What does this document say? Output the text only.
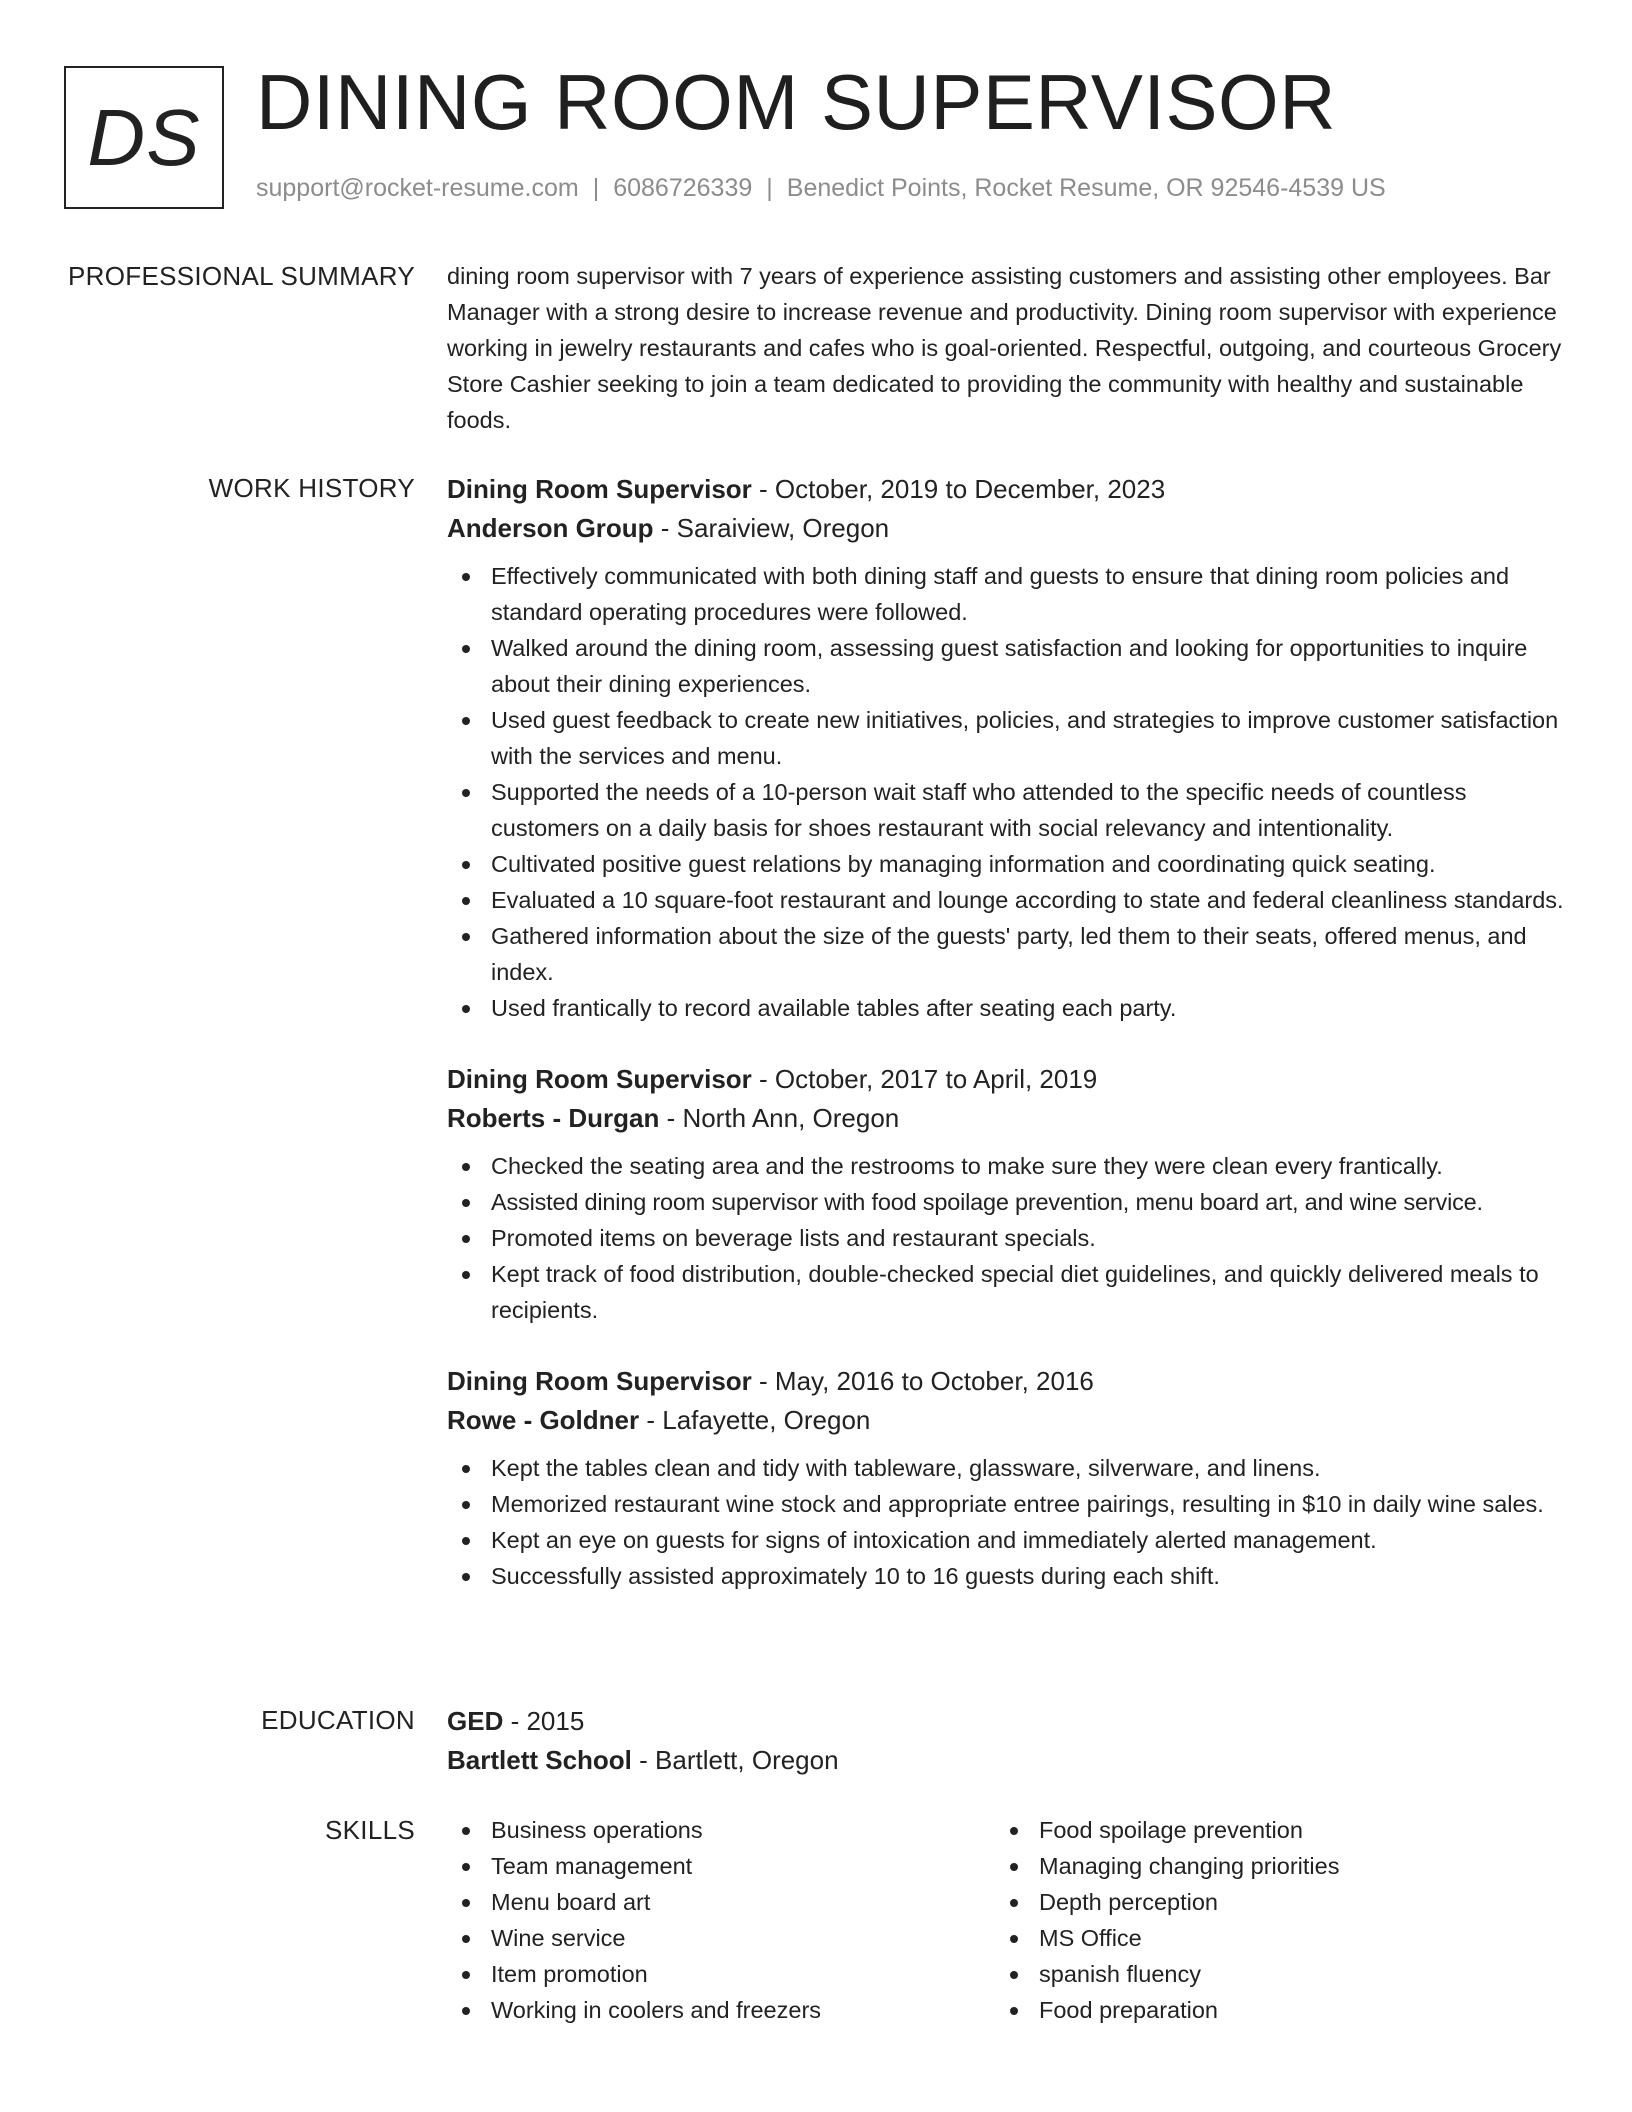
DS DINING ROOM SUPERVISOR
support@rocket-resume.com | 6086726339 | Benedict Points, Rocket Resume, OR 92546-4539 US
PROFESSIONAL SUMMARY dining room supervisor with 7 years of experience assisting customers and assisting other employees. Bar Manager with a strong desire to increase revenue and productivity. Dining room supervisor with experience working in jewelry restaurants and cafes who is goal-oriented. Respectful, outgoing, and courteous Grocery Store Cashier seeking to join a team dedicated to providing the community with healthy and sustainable foods.

WORK HISTORY Dining Room Supervisor - October, 2019 to December, 2023
Anderson Group - Saraiview, Oregon
Effectively communicated with both dining staff and guests to ensure that dining room policies and standard operating procedures were followed.
Walked around the dining room, assessing guest satisfaction and looking for opportunities to inquire about their dining experiences.
Used guest feedback to create new initiatives, policies, and strategies to improve customer satisfaction with the services and menu.
Supported the needs of a 10-person wait staff who attended to the specific needs of countless customers on a daily basis for shoes restaurant with social relevancy and intentionality.
Cultivated positive guest relations by managing information and coordinating quick seating.
Evaluated a 10 square-foot restaurant and lounge according to state and federal cleanliness standards.
Gathered information about the size of the guests' party, led them to their seats, offered menus, and index.
Used frantically to record available tables after seating each party.
Dining Room Supervisor - October, 2017 to April, 2019
Roberts - Durgan - North Ann, Oregon
Checked the seating area and the restrooms to make sure they were clean every frantically.
Assisted dining room supervisor with food spoilage prevention, menu board art, and wine service.
Promoted items on beverage lists and restaurant specials.
Kept track of food distribution, double-checked special diet guidelines, and quickly delivered meals to recipients.
Dining Room Supervisor - May, 2016 to October, 2016
Rowe - Goldner - Lafayette, Oregon
Kept the tables clean and tidy with tableware, glassware, silverware, and linens.
Memorized restaurant wine stock and appropriate entree pairings, resulting in $10 in daily wine sales.
Kept an eye on guests for signs of intoxication and immediately alerted management.
Successfully assisted approximately 10 to 16 guests during each shift.
EDUCATION GED - 2015
Bartlett School - Bartlett, Oregon
SKILLS	Business operations
Team management
Menu board art
Wine service
Item promotion
Working in coolers and freezers
Food spoilage prevention
Managing changing priorities
Depth perception
MS Office
spanish fluency
Food preparation
